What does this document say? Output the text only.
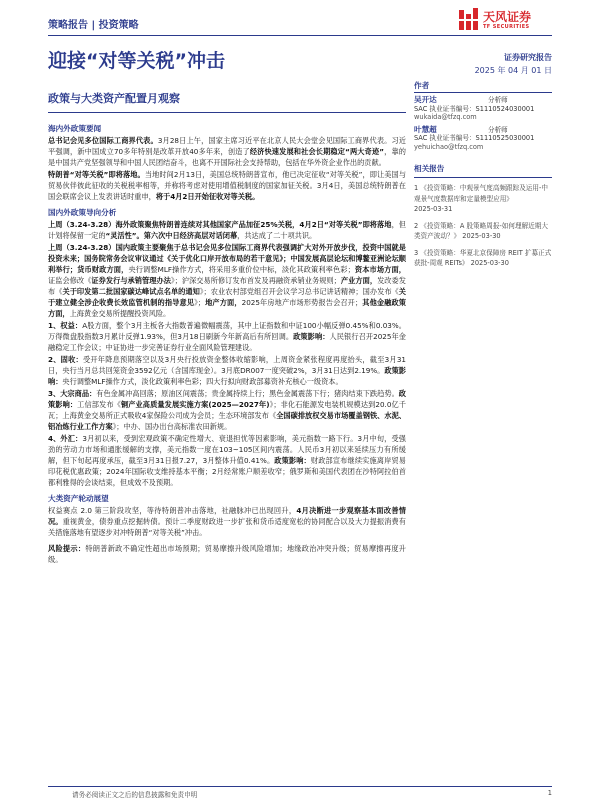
策略报告 | 投资策略
天风证券
TF SECURITIES
迎接“对等关税”冲击	证券研究报告
2025 年 04 月 01 日
政策与大类资产配置月观察
海内外政策要闻

总书记会见多位国际工商界代表。3月28日上午，国家主席习近平在北京人民大会堂会见国际工商界代表。习近平强调，新中国成立70多年特别是改革开放40多年来，创造了经济快速发展和社会长期稳定“两大奇迹”，靠的是中国共产党坚强领导和中国人民团结奋斗，也离不开国际社会支持帮助，包括在华外资企业作出的贡献。

特朗普“对等关税”即将落地。当地时间2月13日，美国总统特朗普宣布，他已决定征收“对等关税”，即让美国与贸易伙伴彼此征收的关税税率相等，并称将考虑对使用增值税制度的国家加征关税。3月4日，美国总统特朗普在国会联席会议上发表讲话时重申，将于4月2日开始征收对等关税。

国内外政策导向分析

上周（3.24-3.28）海外政策聚焦特朗普连续对其他国家产品加征25%关税，4月2日“对等关税”即将落地，但计划将保留一定的“灵活性”。第六次中日经济高层对话闭幕，共达成了二十项共识。

上周（3.24-3.28）国内政策主要聚焦于总书记会见多位国际工商界代表强调扩大对外开放步伐，投资中国就是投资未来；国务院常务会议审议通过《关于优化口岸开放布局的若干意见》；中国发展高层论坛和博鳌亚洲论坛顺利举行；货币财政方面，央行调整MLF操作方式，将采用多重价位中标，淡化其政策利率色彩；资本市场方面，证监会修改《证券发行与承销管理办法》；沪深交易所修订发布首发及再融资承销业务规则；产业方面，发改委发布《关于印发第二批国家碳达峰试点名单的通知》；农业农村部党组召开会议学习总书记讲话精神；国办发布《关于建立健全涉企收费长效监管机制的指导意见》；地产方面，2025年房地产市场形势报告会召开；其他金融政策方面，上海黄金交易所提醒投资风险。

1、权益：A股方面，整个3月主板各大指数普遍微幅震荡，其中上证指数和中证100小幅反弹0.45%和0.03%。万得微盘股指数3月累计反弹1.93%，但3月18日刷新今年新高后有所回调。政策影响：人民银行召开2025年金融稳定工作会议；中证协进一步完善证券行业全面风险管理建设。

2、固收：受开年降息预期落空以及3月央行投放资金整体收缩影响，上周资金紧张程度再度抬头，截至3月31日，央行当月总共回笼资金3592亿元（含国库现金）。3月底DR007一度突破2%，3月31日达到2.19%。政策影响：央行调整MLF操作方式，淡化政策利率色彩；四大行拟向财政部募资补充核心一级资本。

3、大宗商品：有色金属冲高回落；原油区间震荡；贵金属持续上行；黑色金属震荡下行；猪肉结束下跌趋势。政策影响：工信部发布《铜产业高质量发展实施方案(2025—2027年)》；非化石能源发电装机规模达到20.0亿千瓦；上海黄金交易所正式吸收4家保险公司成为会员；生态环境部发布《全国碳排放权交易市场覆盖钢铁、水泥、铝冶炼行业工作方案》；中办、国办出台高标准农田新规。

4、外汇：3月初以来，受到宏观政策不确定性增大、衰退担忧等因素影响，美元指数一路下行。3月中旬，受强劲的劳动力市场和通胀缓解的支撑，美元指数一度在103~105区间内震荡。人民币3月初以来延续压力有所缓解，但下旬起再度承压，截至3月31日报7.27，3月整体升值0.41%。政策影响：财政部宣布继续实施离岸贸易印花税优惠政策；2024年国际收支维持基本平衡；2月经常账户顺差收窄；俄罗斯和美国代表团在沙特阿拉伯首都利雅得的会谈结束，但成效不及预期。

大类资产轮动展望

权益赛点 2.0 第三阶段攻坚，等待特朗普冲击落地，社融脉冲已出现回升，4月决断进一步观察基本面改善情况。重视黄金，债券重点挖掘转债。预计二季度财政进一步扩张和货币适度宽松的协同配合以及大力提振消费有关措施落地有望逐步对冲特朗普“对等关税”冲击。

风险提示：特朗普新政不确定性超出市场预期；贸易摩擦升级风险增加；地缘政治冲突升级；贸易摩擦再度升级。

作者
吴开达	分析师
SAC 执业证书编号：S1110524030001
wukaida@tfzq.com
叶慧超	分析师
SAC 执业证书编号：S1110525030001
yehuichao@tfzq.com
相关报告
1 《投资策略：中观景气度高频跟踪及运用-中观景气度数据库和定量模型应用》 2025-03-31
2 《投资策略：A 股策略周报-如何理解近期大类资产波动？》 2025-03-30
3 《投资策略：华夏北京保障房 REIT 扩募正式获批-周观 REITs》 2025-03-30
请务必阅读正文之后的信息披露和免责申明	1
